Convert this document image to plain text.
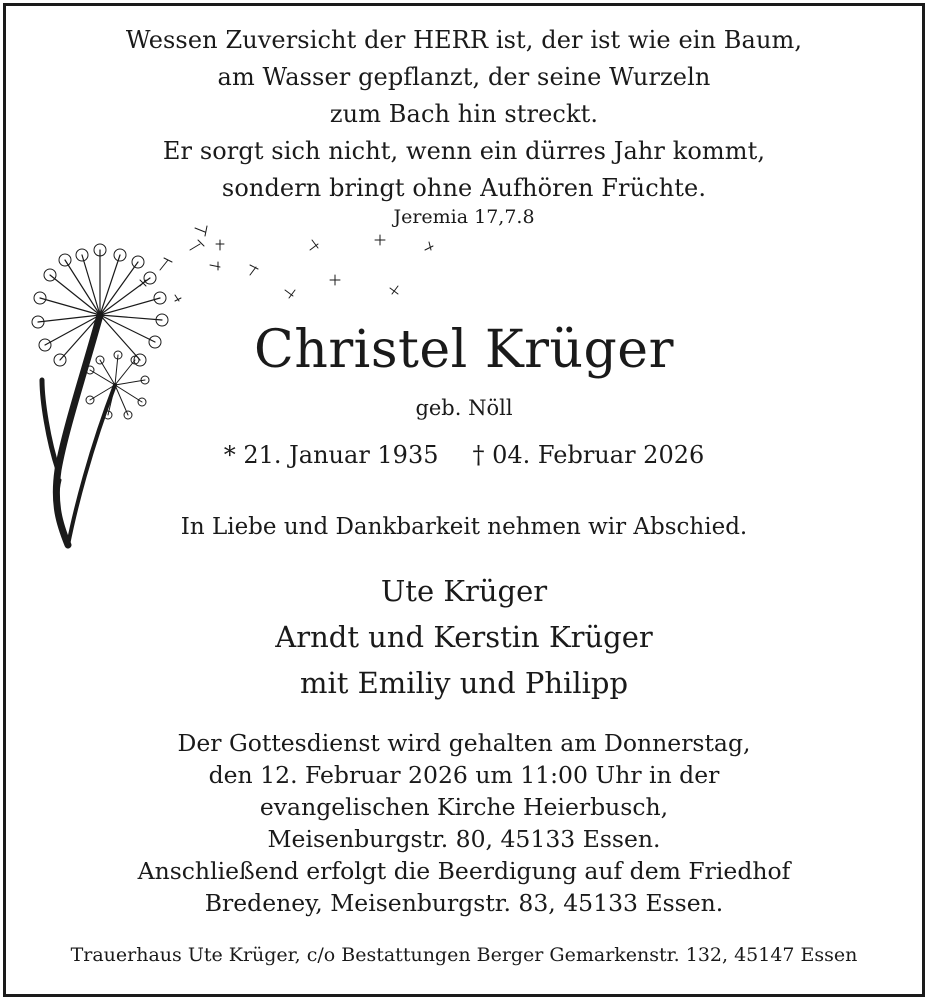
Wessen Zuversicht der HERR ist, der ist wie ein Baum,
am Wasser gepflanzt, der seine Wurzeln
zum Bach hin streckt.
Er sorgt sich nicht, wenn ein dürres Jahr kommt,
sondern bringt ohne Aufhören Früchte.
Jeremia 17,7.8
Christel Krüger
geb. Nöll
* 21. Januar 1935 † 04. Februar 2026
In Liebe und Dankbarkeit nehmen wir Abschied.
Ute Krüger
Arndt und Kerstin Krüger
mit Emiliy und Philipp
Der Gottesdienst wird gehalten am Donnerstag,
den 12. Februar 2026 um 11:00 Uhr in der
evangelischen Kirche Heierbusch,
Meisenburgstr. 80, 45133 Essen.
Anschließend erfolgt die Beerdigung auf dem Friedhof
Bredeney, Meisenburgstr. 83, 45133 Essen.
Trauerhaus Ute Krüger, c/o Bestattungen Berger Gemarkenstr. 132, 45147 Essen
